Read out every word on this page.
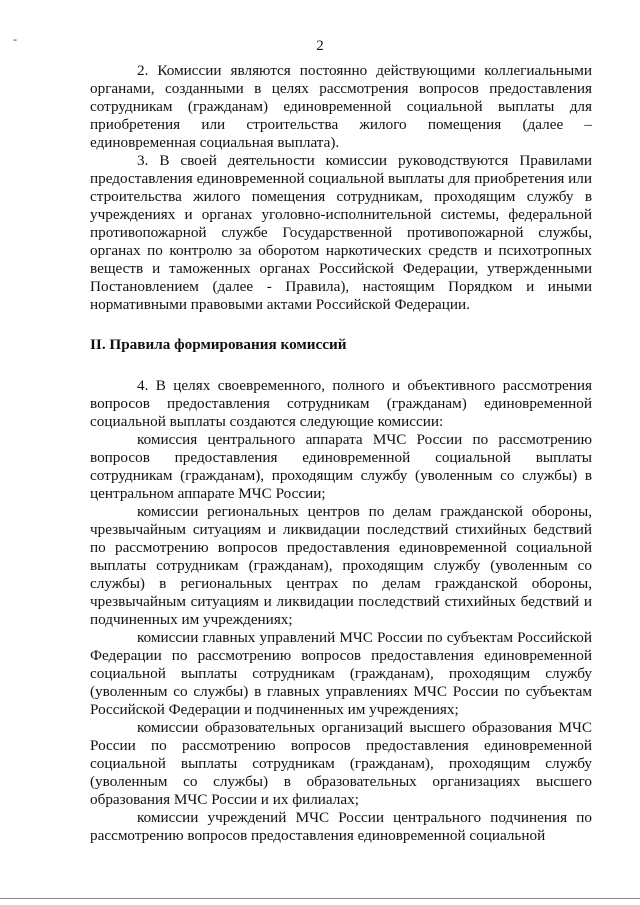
-	2

2. Комиссии являются постоянно действующими коллегиальными органами, созданными в целях рассмотрения вопросов предоставления сотрудникам (гражданам) единовременной социальной выплаты для приобретения или строительства жилого помещения (далее – единовременная социальная выплата).

3. В своей деятельности комиссии руководствуются Правилами предоставления единовременной социальной выплаты для приобретения или строительства жилого помещения сотрудникам, проходящим службу в учреждениях и органах уголовно-исполнительной системы, федеральной противопожарной службе Государственной противопожарной службы, органах по контролю за оборотом наркотических средств и психотропных веществ и таможенных органах Российской Федерации, утвержденными Постановлением (далее - Правила), настоящим Порядком и иными нормативными правовыми актами Российской Федерации.

II. Правила формирования комиссий

4. В целях своевременного, полного и объективного рассмотрения вопросов предоставления сотрудникам (гражданам) единовременной социальной выплаты создаются следующие комиссии:

комиссия центрального аппарата МЧС России по рассмотрению вопросов предоставления единовременной социальной выплаты сотрудникам (гражданам), проходящим службу (уволенным со службы) в центральном аппарате МЧС России;

комиссии региональных центров по делам гражданской обороны, чрезвычайным ситуациям и ликвидации последствий стихийных бедствий по рассмотрению вопросов предоставления единовременной социальной выплаты сотрудникам (гражданам), проходящим службу (уволенным со службы) в региональных центрах по делам гражданской обороны, чрезвычайным ситуациям и ликвидации последствий стихийных бедствий и подчиненных им учреждениях;

комиссии главных управлений МЧС России по субъектам Российской Федерации по рассмотрению вопросов предоставления единовременной социальной выплаты сотрудникам (гражданам), проходящим службу (уволенным со службы) в главных управлениях МЧС России по субъектам Российской Федерации и подчиненных им учреждениях;

комиссии образовательных организаций высшего образования МЧС России по рассмотрению вопросов предоставления единовременной социальной выплаты сотрудникам (гражданам), проходящим службу (уволенным со службы) в образовательных организациях высшего образования МЧС России и их филиалах;

комиссии учреждений МЧС России центрального подчинения по рассмотрению вопросов предоставления единовременной социальной
